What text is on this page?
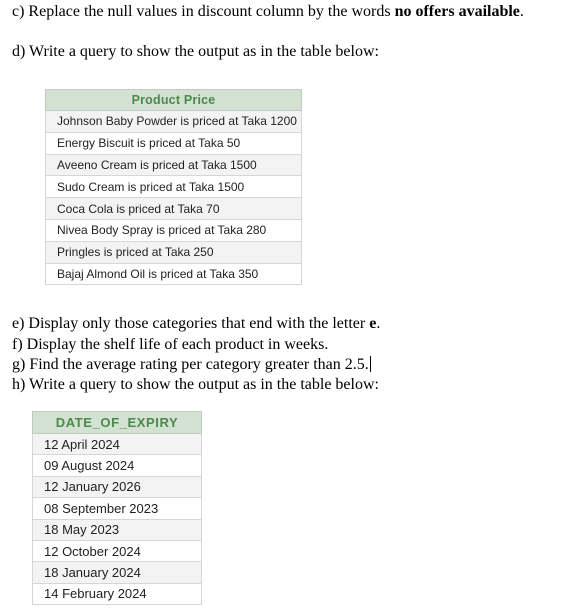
c) Replace the null values in discount column by the words no offers available.
d) Write a query to show the output as in the table below:
Product Price
Johnson Baby Powder is priced at Taka 1200
Energy Biscuit is priced at Taka 50
Aveeno Cream is priced at Taka 1500
Sudo Cream is priced at Taka 1500
Coca Cola is priced at Taka 70
Nivea Body Spray is priced at Taka 280
Pringles is priced at Taka 250
Bajaj Almond Oil is priced at Taka 350
e) Display only those categories that end with the letter e.
f) Display the shelf life of each product in weeks.
g) Find the average rating per category greater than 2.5.
h) Write a query to show the output as in the table below:
DATE_OF_EXPIRY
12 April 2024
09 August 2024
12 January 2026
08 September 2023
18 May 2023
12 October 2024
18 January 2024
14 February 2024
